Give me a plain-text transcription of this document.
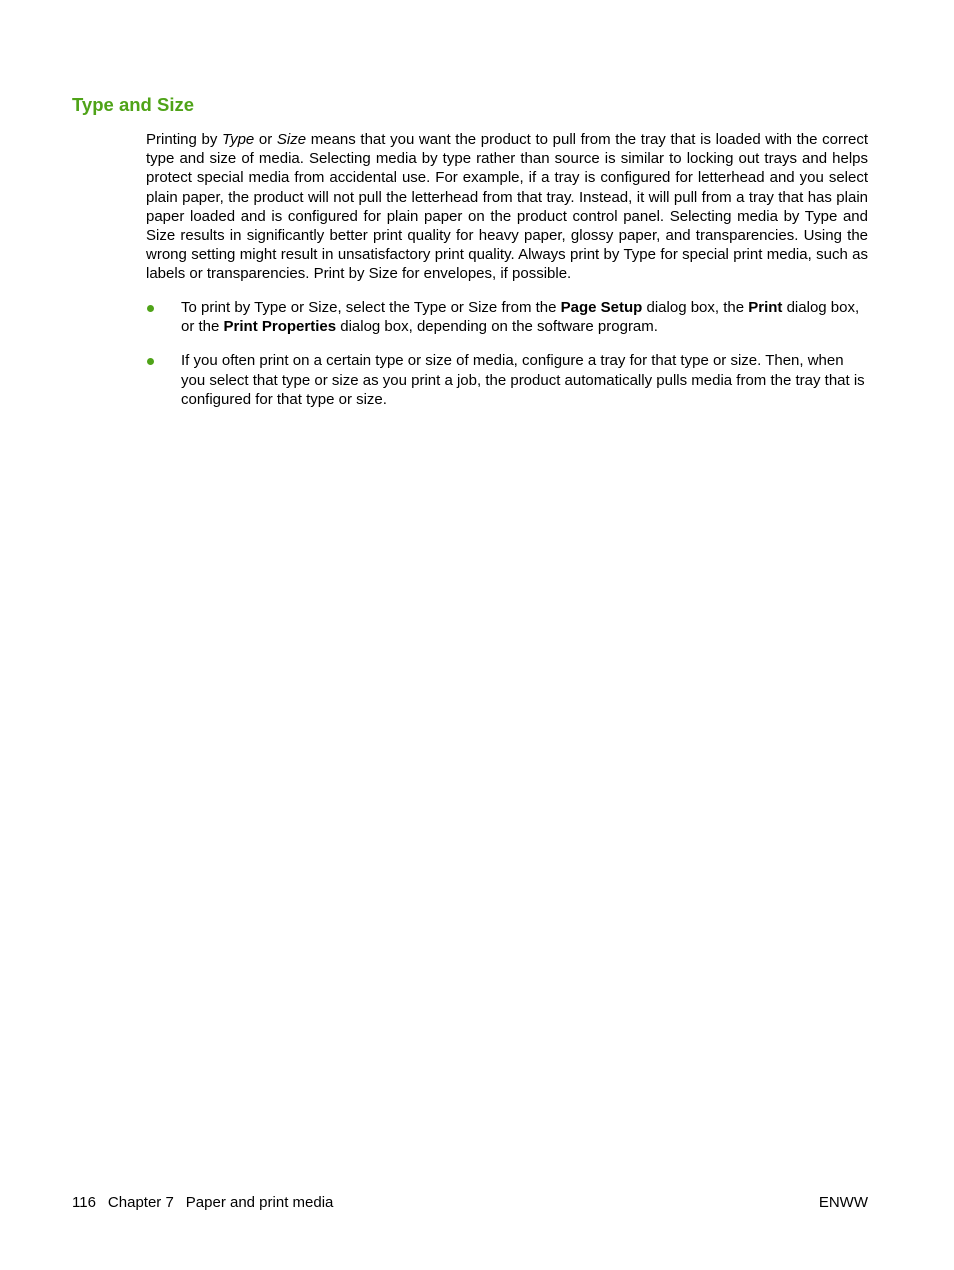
Type and Size

Printing by Type or Size means that you want the product to pull from the tray that is loaded with the correct type and size of media. Selecting media by type rather than source is similar to locking out trays and helps protect special media from accidental use. For example, if a tray is configured for letterhead and you select plain paper, the product will not pull the letterhead from that tray. Instead, it will pull from a tray that has plain paper loaded and is configured for plain paper on the product control panel. Selecting media by Type and Size results in significantly better print quality for heavy paper, glossy paper, and transparencies. Using the wrong setting might result in unsatisfactory print quality. Always print by Type for special print media, such as labels or transparencies. Print by Size for envelopes, if possible.

To print by Type or Size, select the Type or Size from the Page Setup dialog box, the Print dialog box, or the Print Properties dialog box, depending on the software program.
If you often print on a certain type or size of media, configure a tray for that type or size. Then, when you select that type or size as you print a job, the product automatically pulls media from the tray that is configured for that type or size.
116 Chapter 7 Paper and print media	ENWW
